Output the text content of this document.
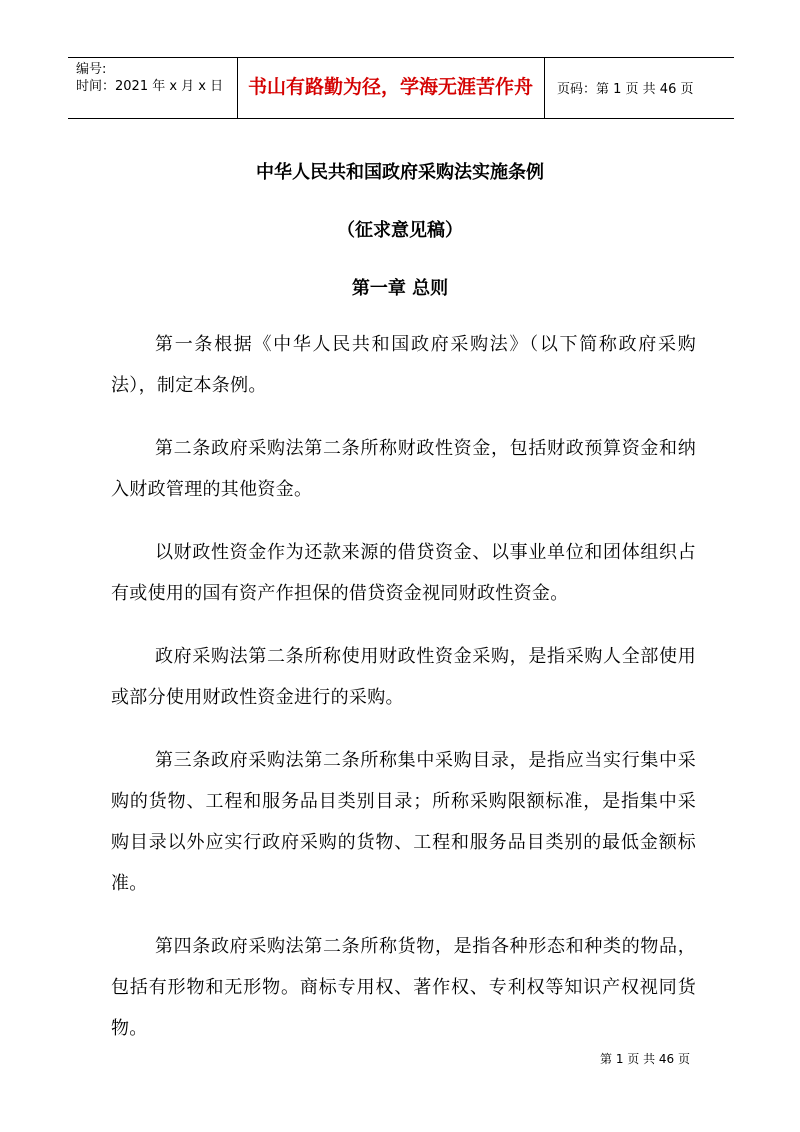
编号:
时间：2021 年 x 月 x 日	书山有路勤为径，学海无涯苦作舟	页码：第 1 页 共 46 页
中华人民共和国政府采购法实施条例
（征求意见稿）
第一章 总则

第一条根据《中华人民共和国政府采购法》（以下简称政府采购法），制定本条例。

第二条政府采购法第二条所称财政性资金，包括财政预算资金和纳入财政管理的其他资金。

以财政性资金作为还款来源的借贷资金、以事业单位和团体组织占有或使用的国有资产作担保的借贷资金视同财政性资金。

政府采购法第二条所称使用财政性资金采购，是指采购人全部使用或部分使用财政性资金进行的采购。

第三条政府采购法第二条所称集中采购目录，是指应当实行集中采购的货物、工程和服务品目类别目录；所称采购限额标准，是指集中采购目录以外应实行政府采购的货物、工程和服务品目类别的最低金额标准。

第四条政府采购法第二条所称货物，是指各种形态和种类的物品，包括有形物和无形物。商标专用权、著作权、专利权等知识产权视同货物。

第 1 页 共 46 页
